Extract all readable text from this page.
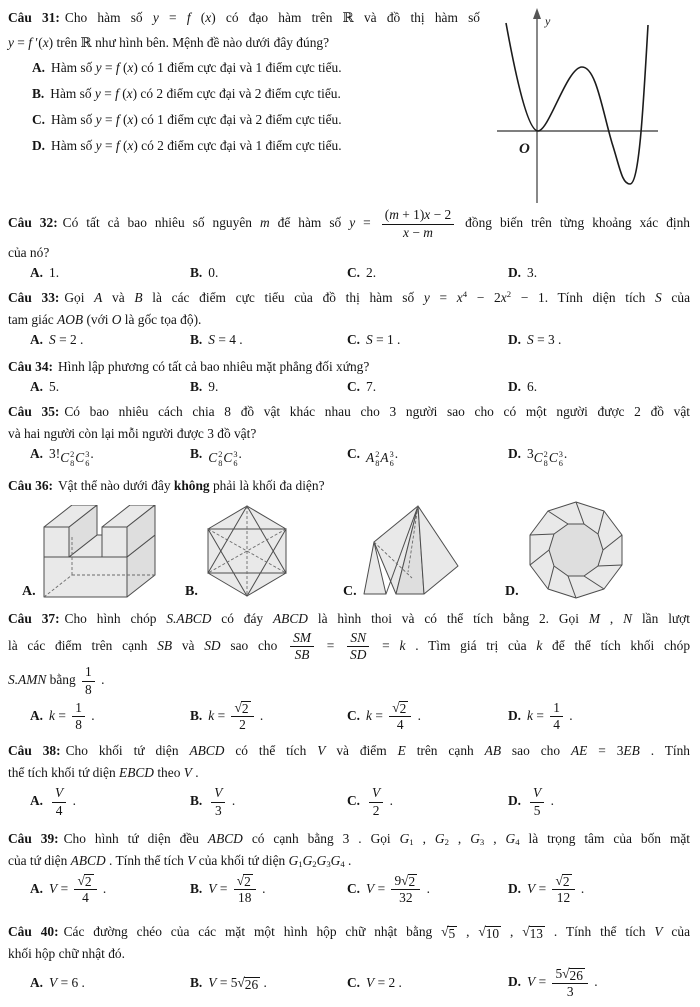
y
O
Câu 31: Cho hàm số y = f (x) có đạo hàm trên ℝ và đồ thị hàm số
y = f ′(x) trên ℝ như hình bên. Mệnh đề nào dưới đây đúng?
A. Hàm số y = f (x) có 1 điểm cực đại và 1 điểm cực tiểu.
B. Hàm số y = f (x) có 2 điểm cực đại và 2 điểm cực tiểu.
C. Hàm số y = f (x) có 1 điểm cực đại và 2 điểm cực tiểu.
D. Hàm số y = f (x) có 2 điểm cực đại và 1 điểm cực tiểu.
Câu 32: Có tất cả bao nhiêu số nguyên m để hàm số $y = \frac{(m + 1)x - 2}{x - m}$ đồng biến trên từng khoảng xác định
của nó?
A. 1.	B. 0.	C. 2.	D. 3.
Câu 33: Gọi A và B là các điểm cực tiểu của đồ thị hàm số $y = x^4 - 2x^2 - 1$. Tính diện tích S của
tam giác AOB (với O là gốc tọa độ).
A. S = 2 .	B. S = 4 .	C. S = 1 .	D. S = 3 .
Câu 34: Hình lập phương có tất cả bao nhiêu mặt phẳng đối xứng?
A. 5.	B. 9.	C. 7.	D. 6.
Câu 35: Có bao nhiêu cách chia 8 đồ vật khác nhau cho 3 người sao cho có một người được 2 đồ vật
và hai người còn lại mỗi người được 3 đồ vật?
A. 3! C 2
8 C 3
6
.	B. C 2
8 C 3
6
.	C. A 2
8 A 3
6
.	D. 3 C 2
8 C 3
6
.
Câu 36: Vật thể nào dưới đây không phải là khối đa diện?
A.	B.	C.	D.
Câu 37: Cho hình chóp S.ABCD có đáy ABCD là hình thoi và có thể tích bằng 2. Gọi M , N lần lượt
là các điểm trên cạnh SB và SD sao cho $\frac{SM}{SB} = \frac{SN}{SD} = k$ . Tìm giá trị của k để thể tích khối chóp
S.AMN bằng $\frac{1}{8}$ .
A. $k = \frac{1}{8}$ .	B. $k = \frac{√2}{2}$ .	C. $k = \frac{√2}{4}$ .	D. $k = \frac{1}{4}$ .
Câu 38: Cho khối tứ diện ABCD có thể tích V và điểm E trên cạnh AB sao cho AE = 3EB . Tính
thể tích khối tứ diện EBCD theo V .
A. $\frac{V}{4}$ .	B. $\frac{V}{3}$ .	C. $\frac{V}{2}$ .	D. $\frac{V}{5}$ .
Câu 39: Cho hình tứ diện đều ABCD có cạnh bằng 3 . Gọi G1 , G2 , G3 , G4 là trọng tâm của bốn mặt
của tứ diện ABCD . Tính thể tích V của khối tứ diện G1G2G3G4 .
A. $V = \frac{√2}{4}$ .	B. $V = \frac{√2}{18}$ .	C. $V = \frac{9√2}{32}$ .	D. $V = \frac{√2}{12}$ .
Câu 40: Các đường chéo của các mặt một hình hộp chữ nhật bằng √5 , √10 , √13 . Tính thể tích V của
khối hộp chữ nhật đó.
A. V = 6 .	B. V = 5√26 .	C. V = 2 .	D. $V = \frac{5√26}{3}$ .
